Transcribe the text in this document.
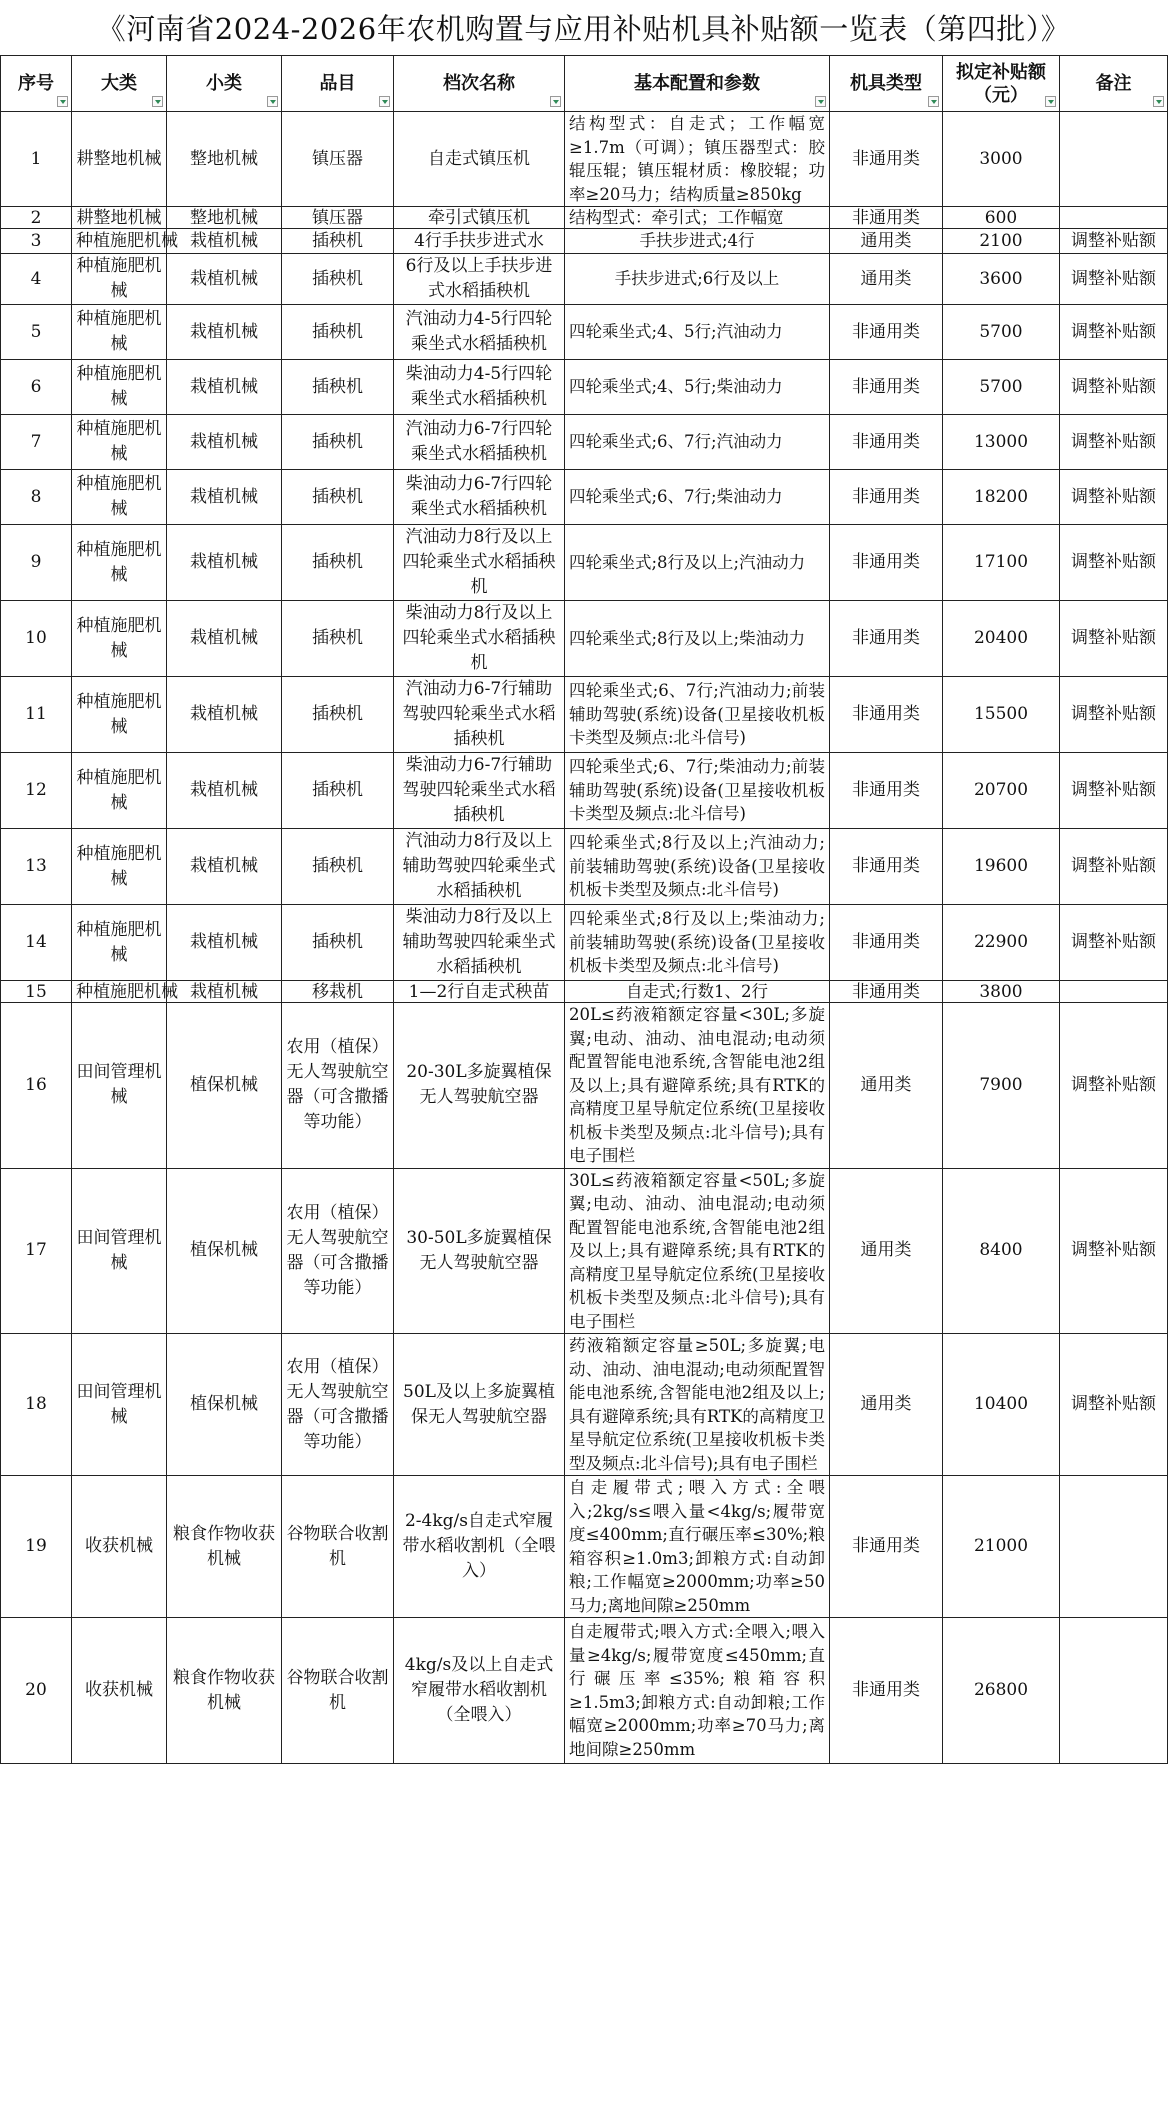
《河南省2024-2026年农机购置与应用补贴机具补贴额一览表（第四批）》
序号	大类	小类	品目	档次名称	基本配置和参数	机具类型	拟定补贴额（元）	备注

1	耕整地机械	整地机械	镇压器	自走式镇压机	结构型式：自走式；工作幅宽≥1.7m（可调）；镇压器型式：胶辊压辊；镇压辊材质：橡胶辊；功率≥20马力；结构质量≥850kg	非通用类	3000	
2	耕整地机械	整地机械	镇压器	牵引式镇压机	结构型式：牵引式；工作幅宽	非通用类	600	
3	种植施肥机械	栽植机械	插秧机	4行手扶步进式水	手扶步进式;4行	通用类	2100	调整补贴额
4	种植施肥机械	栽植机械	插秧机	6行及以上手扶步进式水稻插秧机	手扶步进式;6行及以上	通用类	3600	调整补贴额
5	种植施肥机械	栽植机械	插秧机	汽油动力4-5行四轮乘坐式水稻插秧机	四轮乘坐式;4、5行;汽油动力	非通用类	5700	调整补贴额
6	种植施肥机械	栽植机械	插秧机	柴油动力4-5行四轮乘坐式水稻插秧机	四轮乘坐式;4、5行;柴油动力	非通用类	5700	调整补贴额
7	种植施肥机械	栽植机械	插秧机	汽油动力6-7行四轮乘坐式水稻插秧机	四轮乘坐式;6、7行;汽油动力	非通用类	13000	调整补贴额
8	种植施肥机械	栽植机械	插秧机	柴油动力6-7行四轮乘坐式水稻插秧机	四轮乘坐式;6、7行;柴油动力	非通用类	18200	调整补贴额
9	种植施肥机械	栽植机械	插秧机	汽油动力8行及以上四轮乘坐式水稻插秧机	四轮乘坐式;8行及以上;汽油动力	非通用类	17100	调整补贴额
10	种植施肥机械	栽植机械	插秧机	柴油动力8行及以上四轮乘坐式水稻插秧机	四轮乘坐式;8行及以上;柴油动力	非通用类	20400	调整补贴额
11	种植施肥机械	栽植机械	插秧机	汽油动力6-7行辅助驾驶四轮乘坐式水稻插秧机	四轮乘坐式;6、7行;汽油动力;前装辅助驾驶(系统)设备(卫星接收机板卡类型及频点:北斗信号)	非通用类	15500	调整补贴额
12	种植施肥机械	栽植机械	插秧机	柴油动力6-7行辅助驾驶四轮乘坐式水稻插秧机	四轮乘坐式;6、7行;柴油动力;前装辅助驾驶(系统)设备(卫星接收机板卡类型及频点:北斗信号)	非通用类	20700	调整补贴额
13	种植施肥机械	栽植机械	插秧机	汽油动力8行及以上辅助驾驶四轮乘坐式水稻插秧机	四轮乘坐式;8行及以上;汽油动力;前装辅助驾驶(系统)设备(卫星接收机板卡类型及频点:北斗信号)	非通用类	19600	调整补贴额
14	种植施肥机械	栽植机械	插秧机	柴油动力8行及以上辅助驾驶四轮乘坐式水稻插秧机	四轮乘坐式;8行及以上;柴油动力;前装辅助驾驶(系统)设备(卫星接收机板卡类型及频点:北斗信号)	非通用类	22900	调整补贴额
15	种植施肥机械	栽植机械	移栽机	1—2行自走式秧苗	自走式;行数1、2行	非通用类	3800	
16	田间管理机械	植保机械	农用（植保）无人驾驶航空器（可含撒播等功能）	20-30L多旋翼植保无人驾驶航空器	20L≤药液箱额定容量<30L;多旋翼;电动、油动、油电混动;电动须配置智能电池系统,含智能电池2组及以上;具有避障系统;具有RTK的高精度卫星导航定位系统(卫星接收机板卡类型及频点:北斗信号);具有电子围栏	通用类	7900	调整补贴额
17	田间管理机械	植保机械	农用（植保）无人驾驶航空器（可含撒播等功能）	30-50L多旋翼植保无人驾驶航空器	30L≤药液箱额定容量<50L;多旋翼;电动、油动、油电混动;电动须配置智能电池系统,含智能电池2组及以上;具有避障系统;具有RTK的高精度卫星导航定位系统(卫星接收机板卡类型及频点:北斗信号);具有电子围栏	通用类	8400	调整补贴额
18	田间管理机械	植保机械	农用（植保）无人驾驶航空器（可含撒播等功能）	50L及以上多旋翼植保无人驾驶航空器	药液箱额定容量≥50L;多旋翼;电动、油动、油电混动;电动须配置智能电池系统,含智能电池2组及以上;具有避障系统;具有RTK的高精度卫星导航定位系统(卫星接收机板卡类型及频点:北斗信号);具有电子围栏	通用类	10400	调整补贴额
19	收获机械	粮食作物收获机械	谷物联合收割机	2-4kg/s自走式窄履带水稻收割机（全喂入）	自走履带式;喂入方式:全喂入;2kg/s≤喂入量<4kg/s;履带宽度≤400mm;直行碾压率≤30%;粮箱容积≥1.0m3;卸粮方式:自动卸粮;工作幅宽≥2000mm;功率≥50马力;离地间隙≥250mm	非通用类	21000	
20	收获机械	粮食作物收获机械	谷物联合收割机	4kg/s及以上自走式窄履带水稻收割机（全喂入）	自走履带式;喂入方式:全喂入;喂入量≥4kg/s;履带宽度≤450mm;直行碾压率≤35%;粮箱容积≥1.5m3;卸粮方式:自动卸粮;工作幅宽≥2000mm;功率≥70马力;离地间隙≥250mm	非通用类	26800	
